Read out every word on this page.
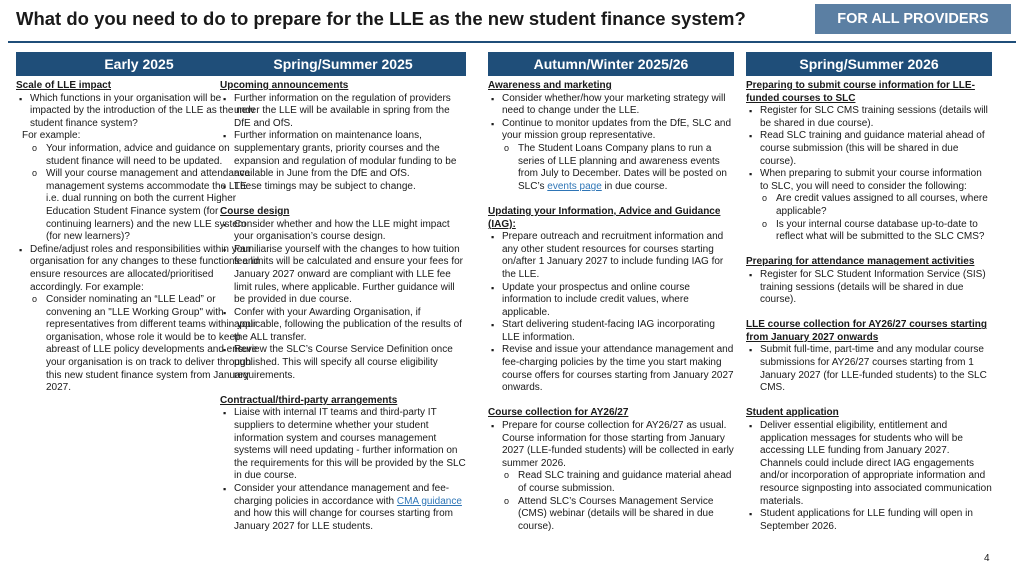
What do you need to do to prepare for the LLE as the new student finance system?	FOR ALL PROVIDERS
Early 2025
Scale of LLE impact
▪ Which functions in your organisation will be impacted by the introduction of the LLE as the new student finance system?
For example:
o Your information, advice and guidance on student finance will need to be updated.
o Will your course management and attendance management systems accommodate the LLE i.e. dual running on both the current Higher Education Student Finance system (for continuing learners) and the new LLE system (for new learners)?
▪ Define/adjust roles and responsibilities within your organisation for any changes to these functions and ensure resources are allocated/prioritised accordingly. For example:
o Consider nominating an “LLE Lead” or convening an "LLE Working Group" with representatives from different teams within your organisation, whose role it would be to keep abreast of LLE policy developments and ensure your organisation is on track to deliver through this new student finance system from January 2027.
Spring/Summer 2025
Upcoming announcements
▪ Further information on the regulation of providers under the LLE will be available in spring from the DfE and OfS.
▪ Further information on maintenance loans, supplementary grants, priority courses and the expansion and regulation of modular funding to be available in June from the DfE and OfS.
▪ These timings may be subject to change.
Course design
▪ Consider whether and how the LLE might impact your organisation’s course design.
▪ Familiarise yourself with the changes to how tuition fee limits will be calculated and ensure your fees for January 2027 onward are compliant with LLE fee limit rules, where applicable. Further guidance will be provided in due course.
▪ Confer with your Awarding Organisation, if applicable, following the publication of the results of the ALL transfer.
▪ Review the SLC’s Course Service Definition once published. This will specify all course eligibility requirements.
Contractual/third-party arrangements
▪ Liaise with internal IT teams and third-party IT suppliers to determine whether your student information system and courses management systems will need updating - further information on the requirements for this will be provided by the SLC in due course.
▪ Consider your attendance management and fee-charging policies in accordance with CMA guidance and how this will change for courses starting from January 2027 for LLE students.
Autumn/Winter 2025/26
Awareness and marketing
▪ Consider whether/how your marketing strategy will need to change under the LLE.
▪ Continue to monitor updates from the DfE, SLC and your mission group representative.
o The Student Loans Company plans to run a series of LLE planning and awareness events from July to December. Dates will be posted on SLC’s events page in due course.
Updating your Information, Advice and Guidance (IAG):
▪ Prepare outreach and recruitment information and any other student resources for courses starting on/after 1 January 2027 to include funding IAG for the LLE.
▪ Update your prospectus and online course information to include credit values, where applicable.
▪ Start delivering student-facing IAG incorporating LLE information.
▪ Revise and issue your attendance management and fee-charging policies by the time you start making course offers for courses starting from January 2027 onwards.
Course collection for AY26/27
▪ Prepare for course collection for AY26/27 as usual. Course information for those starting from January 2027 (LLE-funded students) will be collected in early summer 2026.
o Read SLC training and guidance material ahead of course submission.
o Attend SLC’s Courses Management Service (CMS) webinar (details will be shared in due course).
Spring/Summer 2026
Preparing to submit course information for LLE-funded courses to SLC
▪ Register for SLC CMS training sessions (details will be shared in due course).
▪ Read SLC training and guidance material ahead of course submission (this will be shared in due course).
▪ When preparing to submit your course information to SLC, you will need to consider the following:
o Are credit values assigned to all courses, where applicable?
o Is your internal course database up-to-date to reflect what will be submitted to the SLC CMS?
Preparing for attendance management activities
▪ Register for SLC Student Information Service (SIS) training sessions (details will be shared in due course).
LLE course collection for AY26/27 courses starting from January 2027 onwards
▪ Submit full-time, part-time and any modular course submissions for AY26/27 courses starting from 1 January 2027 (for LLE-funded students) to the SLC CMS.
Student application
▪ Deliver essential eligibility, entitlement and application messages for students who will be accessing LLE funding from January 2027. Channels could include direct IAG engagements and/or incorporation of appropriate information and resource signposting into associated communication materials.
▪ Student applications for LLE funding will open in September 2026.
4
